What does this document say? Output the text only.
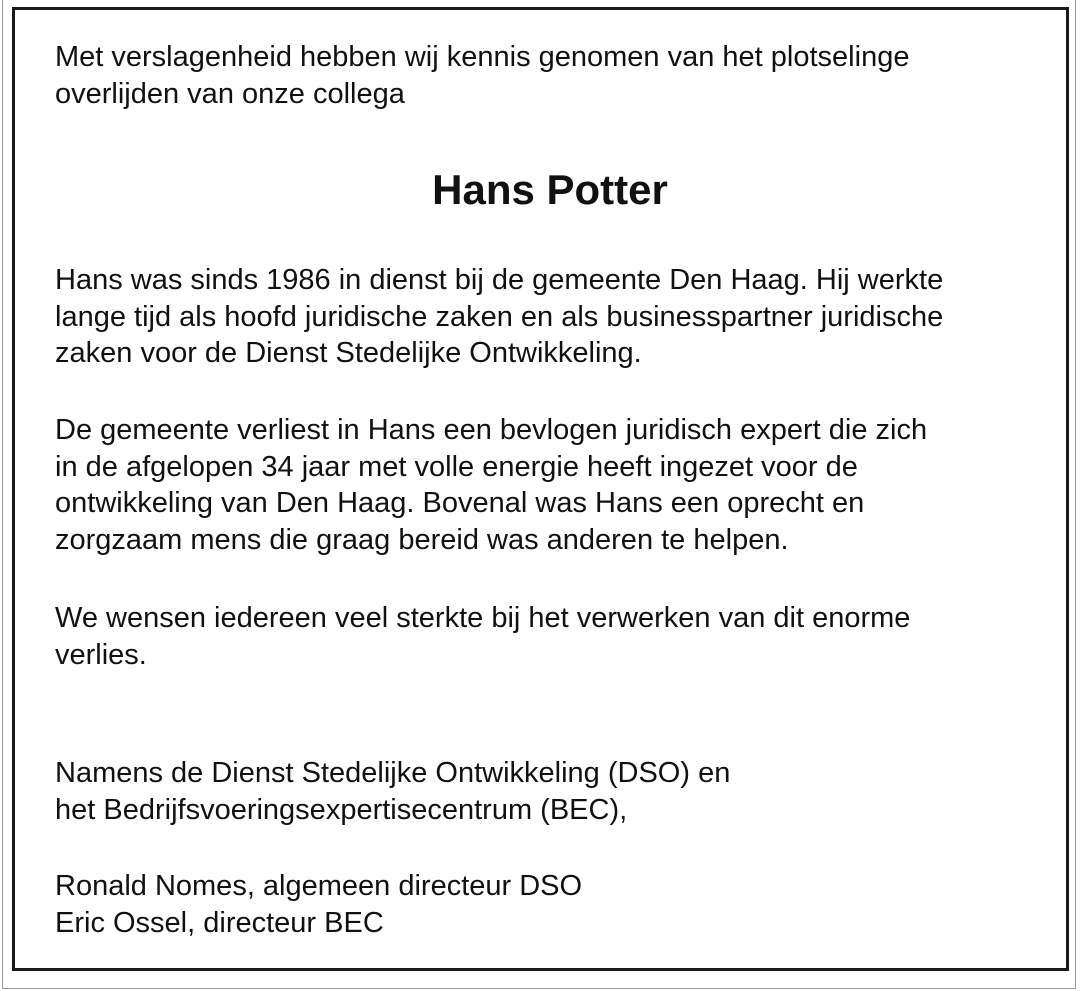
Met verslagenheid hebben wij kennis genomen van het plotselinge
overlijden van onze collega

Hans Potter

Hans was sinds 1986 in dienst bij de gemeente Den Haag. Hij werkte
lange tijd als hoofd juridische zaken en als businesspartner juridische
zaken voor de Dienst Stedelijke Ontwikkeling.

De gemeente verliest in Hans een bevlogen juridisch expert die zich
in de afgelopen 34 jaar met volle energie heeft ingezet voor de
ontwikkeling van Den Haag. Bovenal was Hans een oprecht en
zorgzaam mens die graag bereid was anderen te helpen.

We wensen iedereen veel sterkte bij het verwerken van dit enorme
verlies.

Namens de Dienst Stedelijke Ontwikkeling (DSO) en
het Bedrijfsvoeringsexpertisecentrum (BEC),

Ronald Nomes, algemeen directeur DSO
Eric Ossel, directeur BEC
